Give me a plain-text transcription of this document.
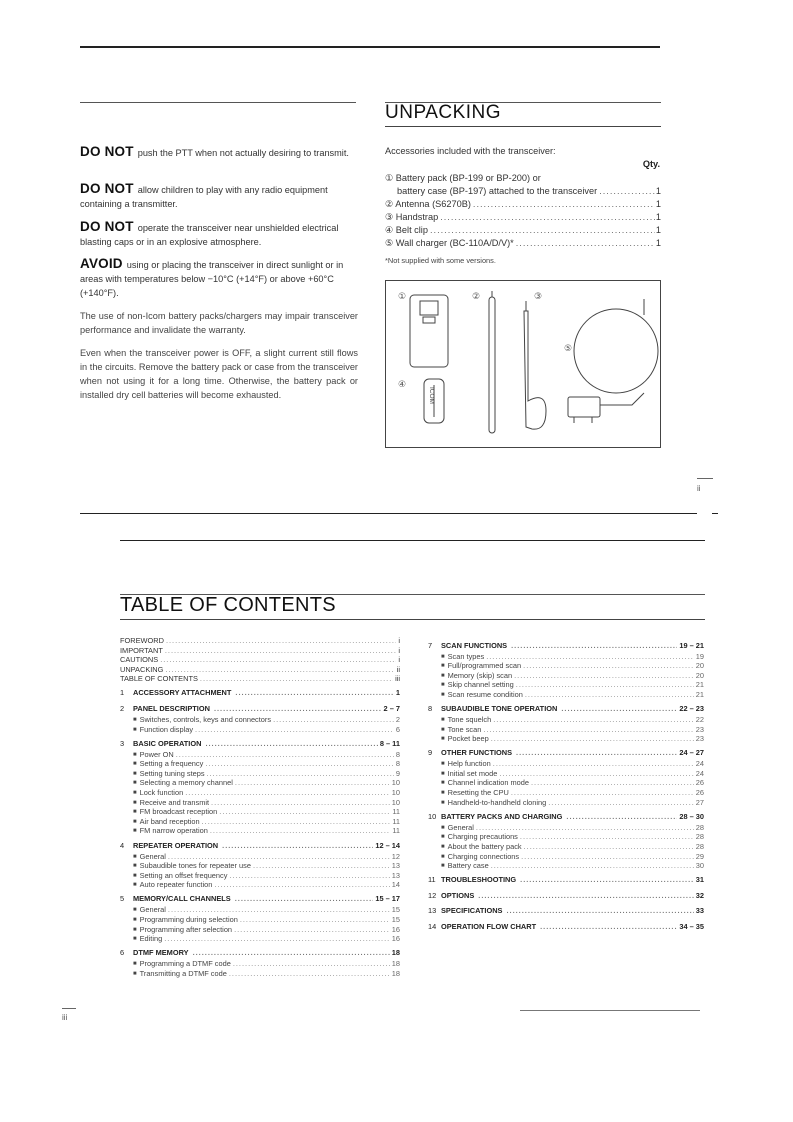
DO NOT push the PTT when not actually desiring to transmit.
DO NOT allow children to play with any radio equipment containing a transmitter.
DO NOT operate the transceiver near unshielded electrical blasting caps or in an explosive atmosphere.
AVOID using or placing the transceiver in direct sunlight or in areas with temperatures below −10°C (+14°F) or above +60°C (+140°F).
The use of non-Icom battery packs/chargers may impair transceiver performance and invalidate the warranty.
Even when the transceiver power is OFF, a slight current still flows in the circuits. Remove the battery pack or case from the transceiver when not using it for a long time. Otherwise, the battery pack or installed dry cell batteries will become exhausted.
UNPACKING
Accessories included with the transceiver:
Qty.
① Battery pack (BP-199 or BP-200) or
battery case (BP-197) attached to the transceiver .....	1
② Antenna (S6270B) .....	1
③ Handstrap .....	1
④ Belt clip .....	1
⑤ Wall charger (BC-110A/D/V)* .....	1
*Not supplied with some versions.
①	②	③
④
⑤
ICOM
ii
TABLE OF CONTENTS
FOREWORD .....	i
IMPORTANT .....	i
CAUTIONS .....	i
UNPACKING .....	ii
TABLE OF CONTENTS .....	iii
1 ACCESSORY ATTACHMENT .....	1
2 PANEL DESCRIPTION .....	2 – 7
■ Switches, controls, keys and connectors .....	2
■ Function display .....	6
3 BASIC OPERATION .....	8 – 11
■ Power ON .....	8
■ Setting a frequency .....	8
■ Setting tuning steps .....	9
■ Selecting a memory channel .....	10
■ Lock function .....	10
■ Receive and transmit .....	10
■ FM broadcast reception .....	11
■ Air band reception .....	11
■ FM narrow operation .....	11
4 REPEATER OPERATION .....	12 – 14
■ General .....	12
■ Subaudible tones for repeater use .....	13
■ Setting an offset frequency .....	13
■ Auto repeater function .....	14
5 MEMORY/CALL CHANNELS .....	15 – 17
■ General .....	15
■ Programming during selection .....	15
■ Programming after selection .....	16
■ Editing .....	16
6 DTMF MEMORY .....	18
■ Programming a DTMF code .....	18
■ Transmitting a DTMF code .....	18
7 SCAN FUNCTIONS .....	19 – 21
■ Scan types .....	19
■ Full/programmed scan .....	20
■ Memory (skip) scan .....	20
■ Skip channel setting .....	21
■ Scan resume condition .....	21
8 SUBAUDIBLE TONE OPERATION .....	22 – 23
■ Tone squelch .....	22
■ Tone scan .....	23
■ Pocket beep .....	23
9 OTHER FUNCTIONS .....	24 – 27
■ Help function .....	24
■ Initial set mode .....	24
■ Channel indication mode .....	26
■ Resetting the CPU .....	26
■ Handheld-to-handheld cloning .....	27
10 BATTERY PACKS AND CHARGING .....	28 – 30
■ General .....	28
■ Charging precautions .....	28
■ About the battery pack .....	28
■ Charging connections .....	29
■ Battery case .....	30
11 TROUBLESHOOTING .....	31
12 OPTIONS .....	32
13 SPECIFICATIONS .....	33
14 OPERATION FLOW CHART .....	34 – 35
iii
